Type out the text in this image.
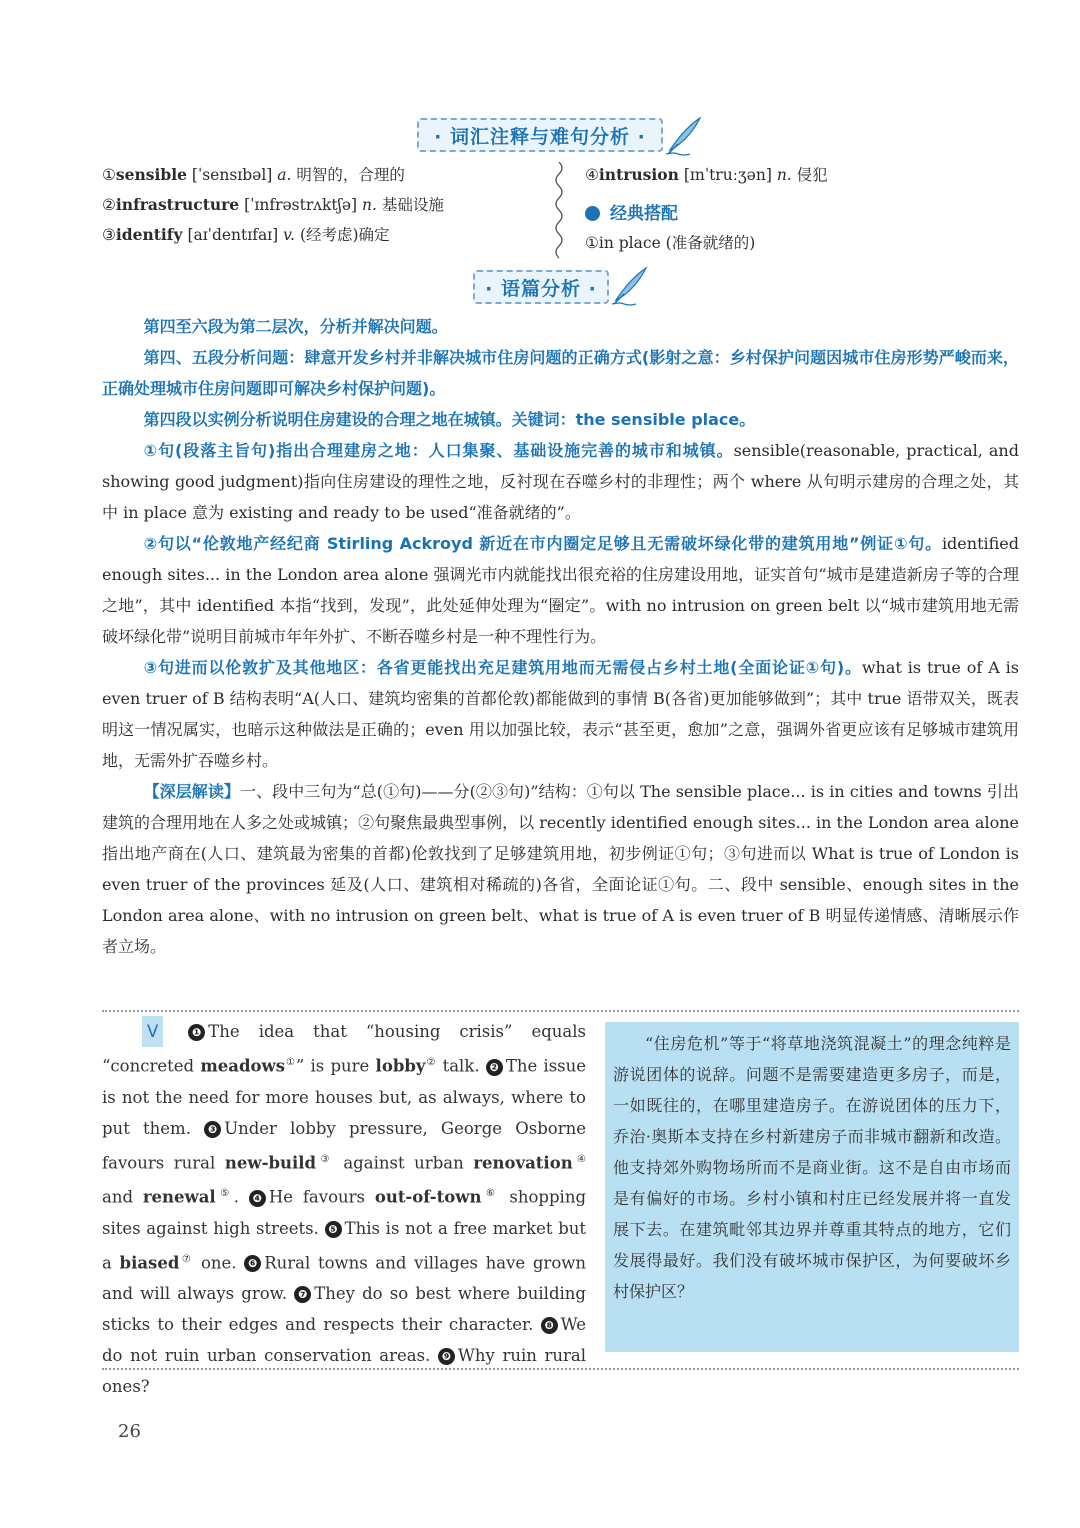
· 词汇注释与难句分析 ·
①sensible [ˈsensɪbəl] a. 明智的，合理的
②infrastructure [ˈɪnfrəstrʌktʃə] n. 基础设施
③identify [aɪˈdentɪfaɪ] v. (经考虑)确定
④intrusion [ɪnˈtruːʒən] n. 侵犯
经典搭配
①in place (准备就绪的)
· 语篇分析 ·

第四至六段为第二层次，分析并解决问题。

第四、五段分析问题：肆意开发乡村并非解决城市住房问题的正确方式(影射之意：乡村保护问题因城市住房形势严峻而来，正确处理城市住房问题即可解决乡村保护问题)。

第四段以实例分析说明住房建设的合理之地在城镇。关键词：the sensible place。

①句(段落主旨句)指出合理建房之地：人口集聚、基础设施完善的城市和城镇。sensible(reasonable, practical, and showing good judgment)指向住房建设的理性之地，反衬现在吞噬乡村的非理性；两个 where 从句明示建房的合理之处，其中 in place 意为 existing and ready to be used“准备就绪的”。

②句以“伦敦地产经纪商 Stirling Ackroyd 新近在市内圈定足够且无需破坏绿化带的建筑用地”例证①句。identified enough sites... in the London area alone 强调光市内就能找出很充裕的住房建设用地，证实首句“城市是建造新房子等的合理之地”，其中 identified 本指“找到，发现”，此处延伸处理为“圈定”。with no intrusion on green belt 以“城市建筑用地无需破坏绿化带”说明目前城市年年外扩、不断吞噬乡村是一种不理性行为。

③句进而以伦敦扩及其他地区：各省更能找出充足建筑用地而无需侵占乡村土地(全面论证①句)。what is true of A is even truer of B 结构表明“A(人口、建筑均密集的首都伦敦)都能做到的事情 B(各省)更加能够做到”；其中 true 语带双关，既表明这一情况属实，也暗示这种做法是正确的；even 用以加强比较，表示“甚至更，愈加”之意，强调外省更应该有足够城市建筑用地，无需外扩吞噬乡村。

【深层解读】一、段中三句为“总(①句)——分(②③句)”结构：①句以 The sensible place... is in cities and towns 引出建筑的合理用地在人多之处或城镇；②句聚焦最典型事例，以 recently identified enough sites... in the London area alone 指出地产商在(人口、建筑最为密集的首都)伦敦找到了足够建筑用地，初步例证①句；③句进而以 What is true of London is even truer of the provinces 延及(人口、建筑相对稀疏的)各省，全面论证①句。二、段中 sensible、enough sites in the London area alone、with no intrusion on green belt、what is true of A is even truer of B 明显传递情感、清晰展示作者立场。

V	❶ The idea that “housing crisis” equals “concreted meadows①” is pure lobby② talk. ❷ The issue is not the need for more houses but, as always, where to put them. ❸ Under lobby pressure, George Osborne favours rural new-build③ against urban renovation④ and renewal⑤. ❹ He favours out-of-town⑥ shopping sites against high streets. ❺ This is not a free market but a biased⑦ one. ❻ Rural towns and villages have grown and will always grow. ❼ They do so best where building sticks to their edges and respects their character. ❽ We do not ruin urban conservation areas. ❾ Why ruin rural ones?

“住房危机”等于“将草地浇筑混凝土”的理念纯粹是游说团体的说辞。问题不是需要建造更多房子，而是，一如既往的，在哪里建造房子。在游说团体的压力下，乔治·奥斯本支持在乡村新建房子而非城市翻新和改造。他支持郊外购物场所而不是商业街。这不是自由市场而是有偏好的市场。乡村小镇和村庄已经发展并将一直发展下去。在建筑毗邻其边界并尊重其特点的地方，它们发展得最好。我们没有破坏城市保护区，为何要破坏乡村保护区？

26
